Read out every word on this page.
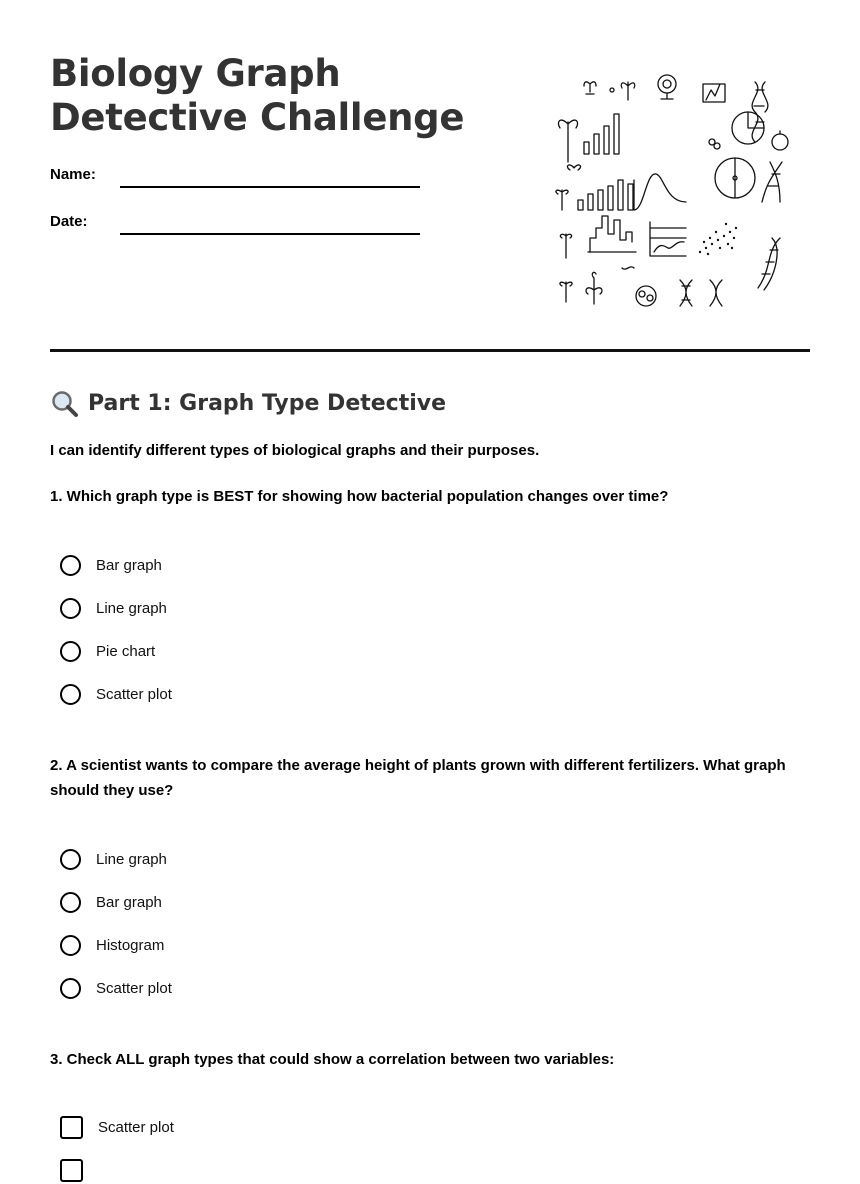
Biology Graph Detective Challenge
Name:
Date:
Part 1: Graph Type Detective
I can identify different types of biological graphs and their purposes.
1. Which graph type is BEST for showing how bacterial population changes over time?
Bar graph
Line graph
Pie chart
Scatter plot
2. A scientist wants to compare the average height of plants grown with different fertilizers. What graph should they use?
Line graph
Bar graph
Histogram
Scatter plot
3. Check ALL graph types that could show a correlation between two variables:
Scatter plot
